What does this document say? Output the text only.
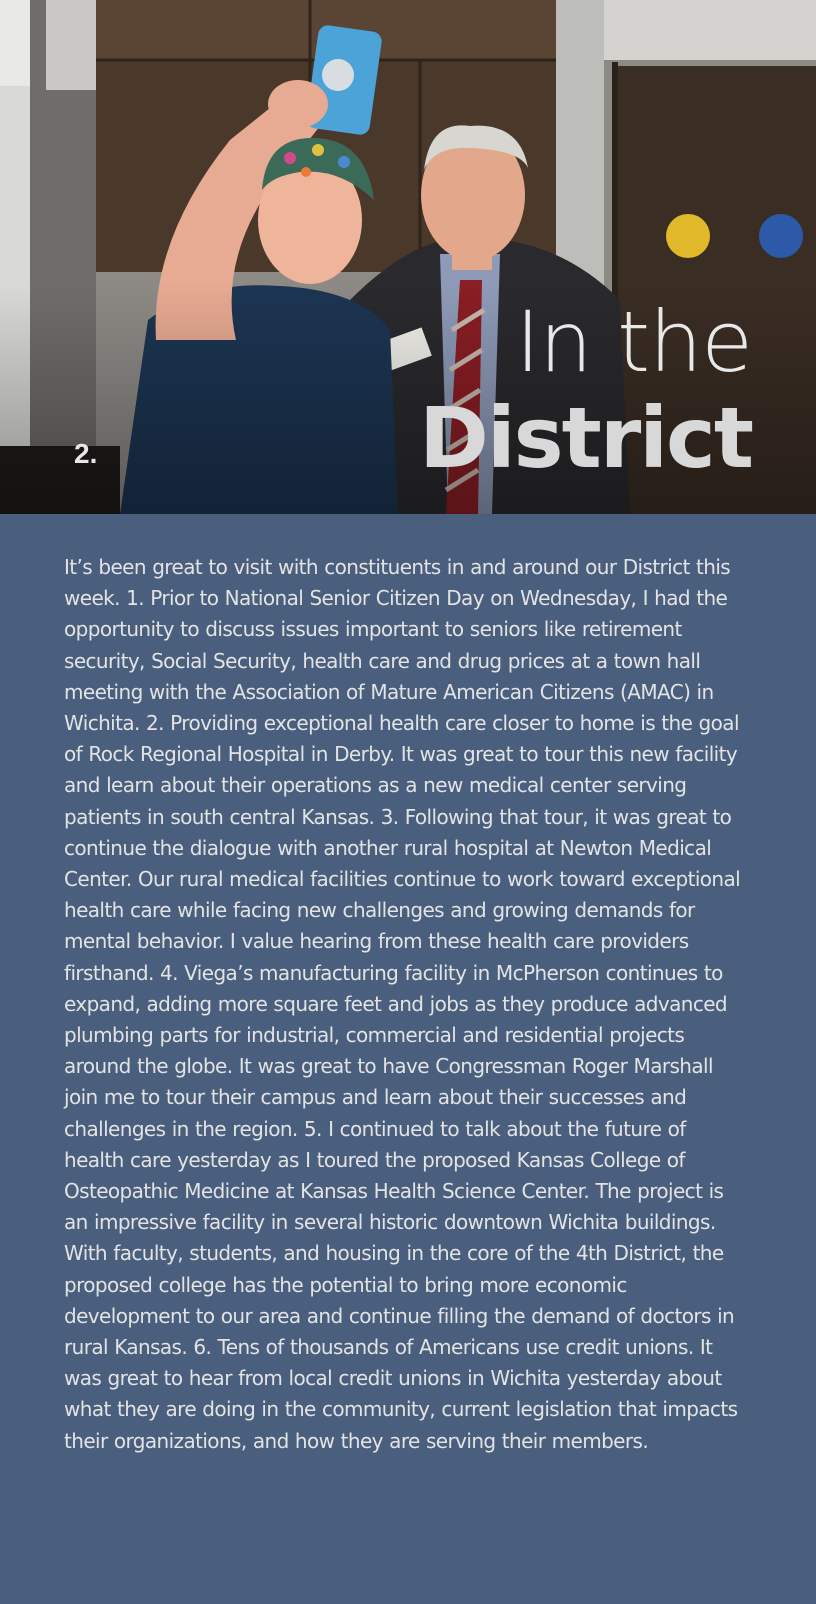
2.
In the
District

It’s been great to visit with constituents in and around our District this week. 1. Prior to National Senior Citizen Day on Wednesday, I had the opportunity to discuss issues important to seniors like retirement security, Social Security, health care and drug prices at a town hall meeting with the Association of Mature American Citizens (AMAC) in Wichita. 2. Providing exceptional health care closer to home is the goal of Rock Regional Hospital in Derby. It was great to tour this new facility and learn about their operations as a new medical center serving patients in south central Kansas. 3. Following that tour, it was great to continue the dialogue with another rural hospital at Newton Medical Center. Our rural medical facilities continue to work toward exceptional health care while facing new challenges and growing demands for mental behavior. I value hearing from these health care providers firsthand. 4. Viega’s manufacturing facility in McPherson continues to expand, adding more square feet and jobs as they produce advanced plumbing parts for industrial, commercial and residential projects around the globe. It was great to have Congressman Roger Marshall join me to tour their campus and learn about their successes and challenges in the region. 5. I continued to talk about the future of health care yesterday as I toured the proposed Kansas College of Osteopathic Medicine at Kansas Health Science Center. The project is an impressive facility in several historic downtown Wichita buildings. With faculty, students, and housing in the core of the 4th District, the proposed college has the potential to bring more economic development to our area and continue filling the demand of doctors in rural Kansas. 6. Tens of thousands of Americans use credit unions. It was great to hear from local credit unions in Wichita yesterday about what they are doing in the community, current legislation that impacts their organizations, and how they are serving their members.
